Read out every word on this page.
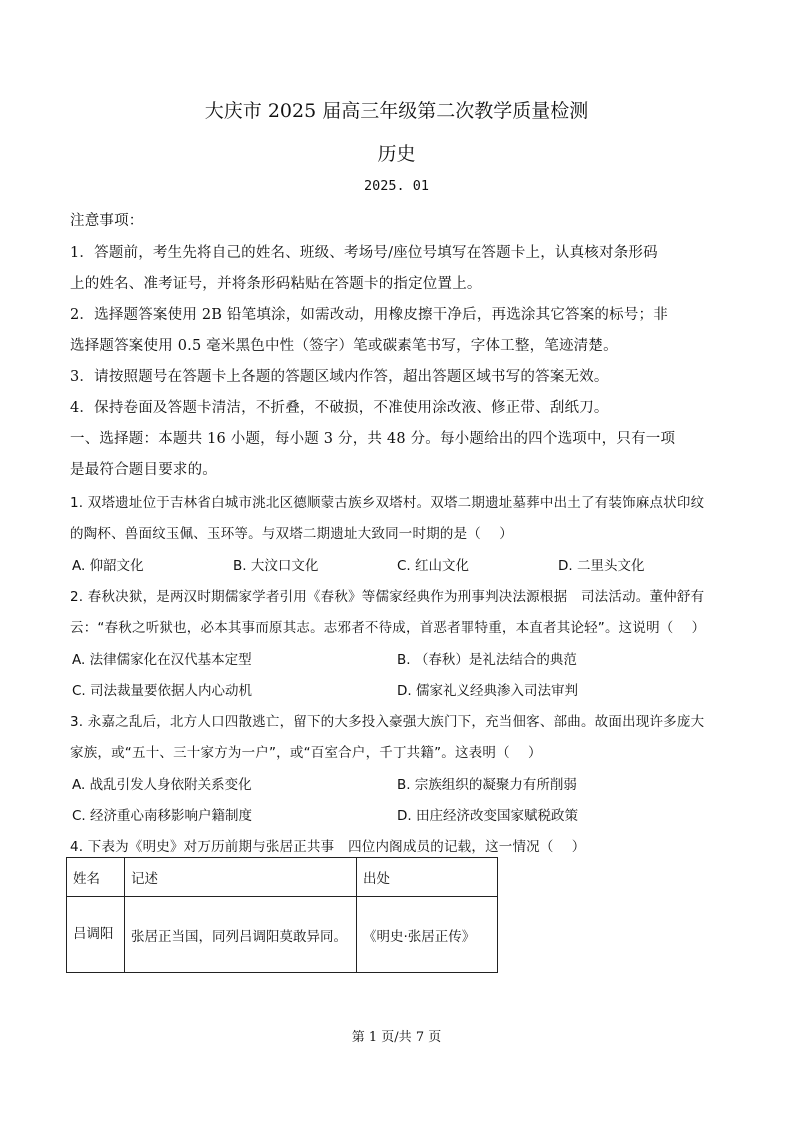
大庆市 2025 届高三年级第二次教学质量检测
历史
2025. 01
注意事项：
1．答题前，考生先将自己的姓名、班级、考场号/座位号填写在答题卡上，认真核对条形码
上的姓名、准考证号，并将条形码粘贴在答题卡的指定位置上。
2．选择题答案使用 2B 铅笔填涂，如需改动，用橡皮擦干净后，再选涂其它答案的标号；非
选择题答案使用 0.5 毫米黑色中性（签字）笔或碳素笔书写，字体工整，笔迹清楚。
3．请按照题号在答题卡上各题的答题区域内作答，超出答题区域书写的答案无效。
4．保持卷面及答题卡清洁，不折叠，不破损，不准使用涂改液、修正带、刮纸刀。
一、选择题：本题共 16 小题，每小题 3 分，共 48 分。每小题给出的四个选项中，只有一项
是最符合题目要求的。
1. 双塔遗址位于吉林省白城市洮北区德顺蒙古族乡双塔村。双塔二期遗址墓葬中出土了有装饰麻点状印纹
的陶杯、兽面纹玉佩、玉环等。与双塔二期遗址大致同一时期的是（　 ）
A. 仰韶文化	B. 大汶口文化	C. 红山文化	D. 二里头文化
2. 春秋决狱，是两汉时期儒家学者引用《春秋》等儒家经典作为刑事判决法源根据　司法活动。董仲舒有
云：“春秋之听狱也，必本其事而原其志。志邪者不待成，首恶者罪特重，本直者其论轻”。这说明（　 ）
A. 法律儒家化在汉代基本定型	B. （春秋）是礼法结合的典范
C. 司法裁量要依据人内心动机	D. 儒家礼义经典渗入司法审判
3. 永嘉之乱后，北方人口四散逃亡，留下的大多投入豪强大族门下，充当佃客、部曲。故面出现许多庞大
家族，或“五十、三十家方为一户”，或“百室合户，千丁共籍”。这表明（　 ）
A. 战乱引发人身依附关系变化	B. 宗族组织的凝聚力有所削弱
C. 经济重心南移影响户籍制度	D. 田庄经济改变国家赋税政策
4. 下表为《明史》对万历前期与张居正共事　四位内阁成员的记载，这一情况（　 ）
姓名	记述	出处
吕调阳	张居正当国，同列吕调阳莫敢异同。	《明史·张居正传》
第 1 页/共 7 页
